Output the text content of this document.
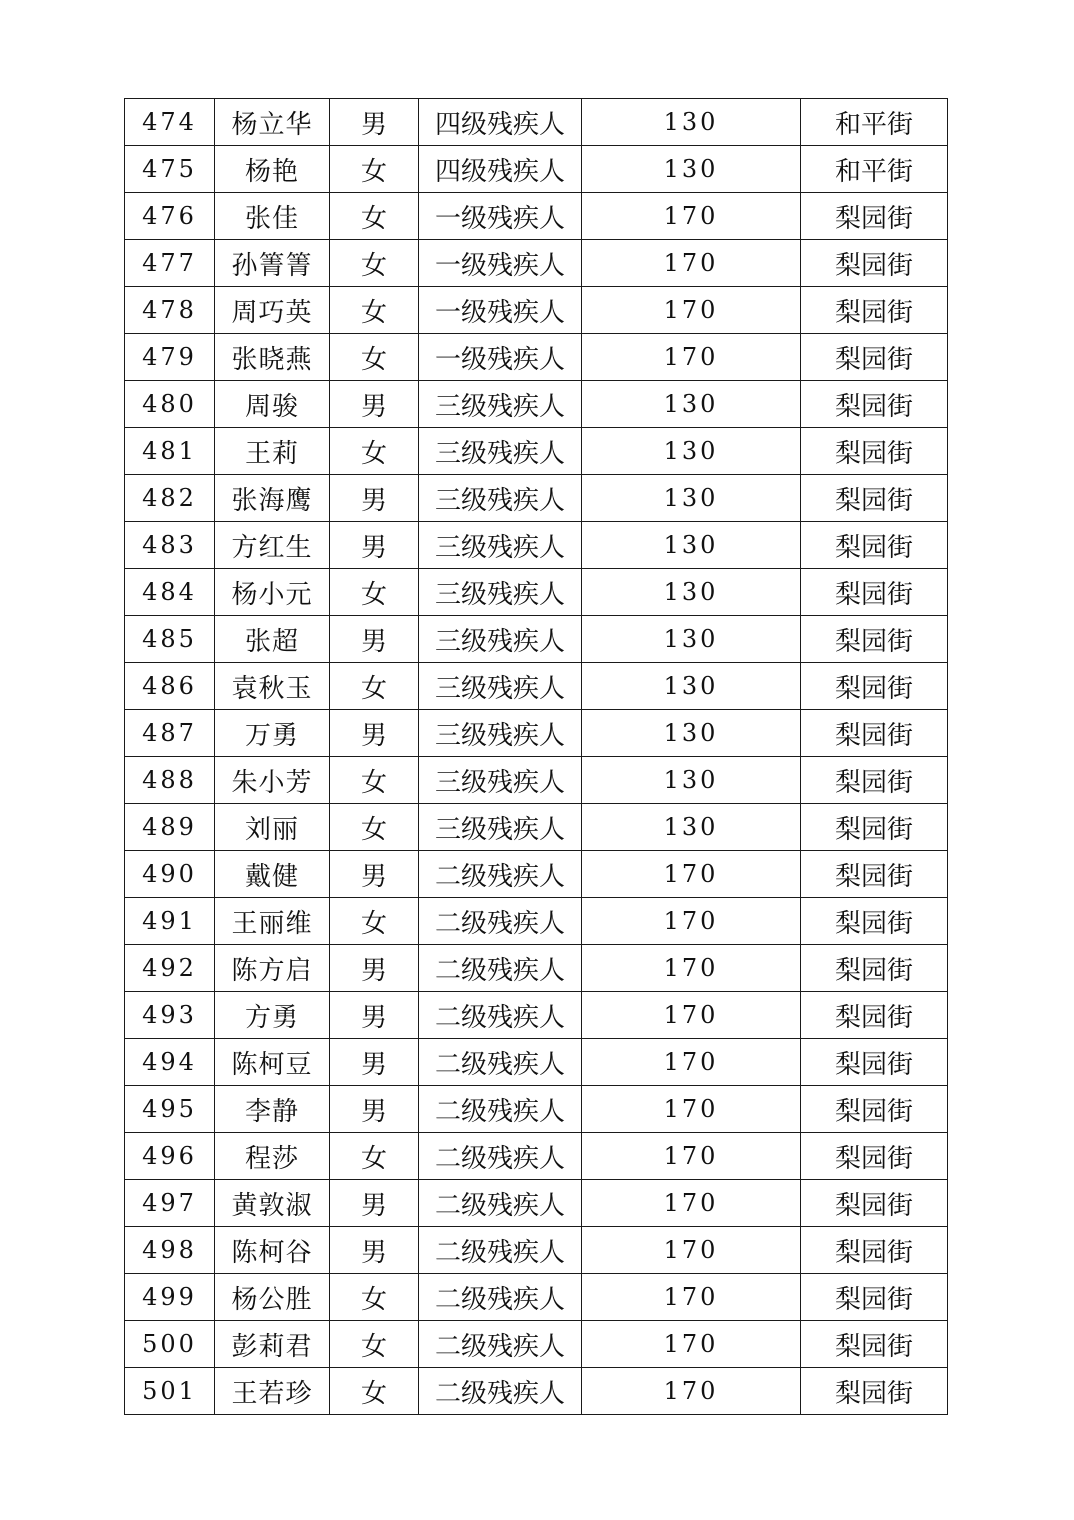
474	杨立华	男	四级残疾人	130	和平街
475	杨艳	女	四级残疾人	130	和平街
476	张佳	女	一级残疾人	170	梨园街
477	孙箐箐	女	一级残疾人	170	梨园街
478	周巧英	女	一级残疾人	170	梨园街
479	张晓燕	女	一级残疾人	170	梨园街
480	周骏	男	三级残疾人	130	梨园街
481	王莉	女	三级残疾人	130	梨园街
482	张海鹰	男	三级残疾人	130	梨园街
483	方红生	男	三级残疾人	130	梨园街
484	杨小元	女	三级残疾人	130	梨园街
485	张超	男	三级残疾人	130	梨园街
486	袁秋玉	女	三级残疾人	130	梨园街
487	万勇	男	三级残疾人	130	梨园街
488	朱小芳	女	三级残疾人	130	梨园街
489	刘丽	女	三级残疾人	130	梨园街
490	戴健	男	二级残疾人	170	梨园街
491	王丽维	女	二级残疾人	170	梨园街
492	陈方启	男	二级残疾人	170	梨园街
493	方勇	男	二级残疾人	170	梨园街
494	陈柯豆	男	二级残疾人	170	梨园街
495	李静	男	二级残疾人	170	梨园街
496	程莎	女	二级残疾人	170	梨园街
497	黄敦淑	男	二级残疾人	170	梨园街
498	陈柯谷	男	二级残疾人	170	梨园街
499	杨公胜	女	二级残疾人	170	梨园街
500	彭莉君	女	二级残疾人	170	梨园街
501	王若珍	女	二级残疾人	170	梨园街
